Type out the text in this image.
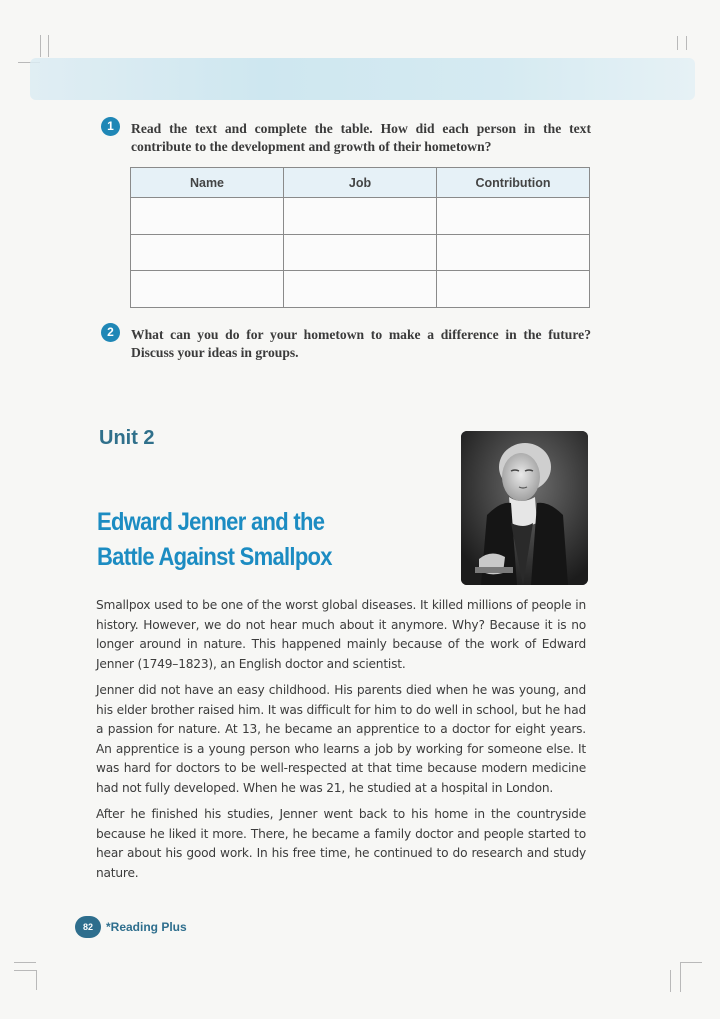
1	Read the text and complete the table. How did each person in the text contribute to the development and growth of their hometown?
Name	Job	Contribution

2	What can you do for your hometown to make a difference in the future? Discuss your ideas in groups.
Unit 2
Edward Jenner and the
Battle Against Smallpox
Smallpox used to be one of the worst global diseases. It killed millions of people in history. However, we do not hear much about it anymore. Why? Because it is no longer around in nature. This happened mainly because of the work of Edward Jenner (1749–1823), an English doctor and scientist.
Jenner did not have an easy childhood. His parents died when he was young, and his elder brother raised him. It was difficult for him to do well in school, but he had a passion for nature. At 13, he became an apprentice to a doctor for eight years. An apprentice is a young person who learns a job by working for someone else. It was hard for doctors to be well-respected at that time because modern medicine had not fully developed. When he was 21, he studied at a hospital in London.
After he finished his studies, Jenner went back to his home in the countryside because he liked it more. There, he became a family doctor and people started to hear about his good work. In his free time, he continued to do research and study nature.
82	*Reading Plus
